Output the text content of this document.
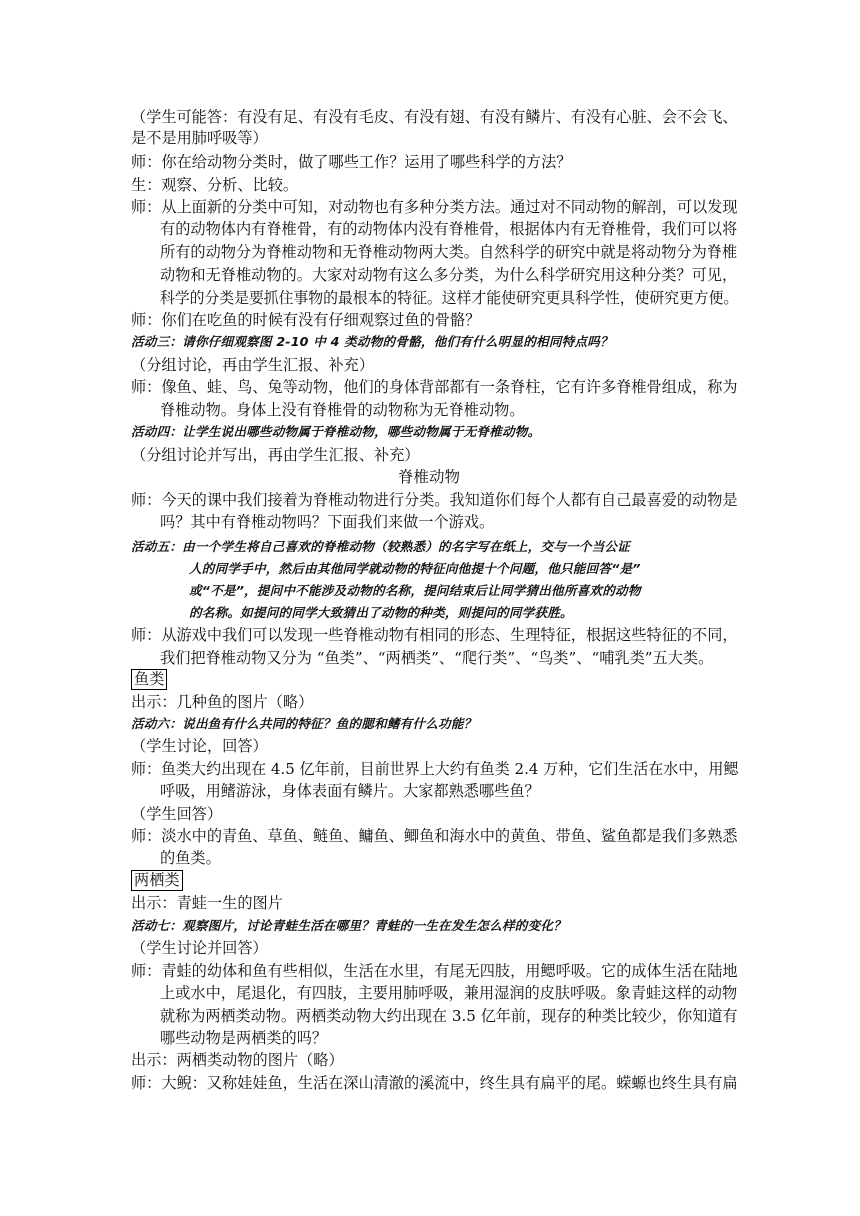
（学生可能答：有没有足、有没有毛皮、有没有翅、有没有鳞片、有没有心脏、会不会飞、
是不是用肺呼吸等）
师：你在给动物分类时，做了哪些工作？运用了哪些科学的方法？
生：观察、分析、比较。
师：从上面新的分类中可知，对动物也有多种分类方法。通过对不同动物的解剖，可以发现
有的动物体内有脊椎骨，有的动物体内没有脊椎骨，根据体内有无脊椎骨，我们可以将
所有的动物分为脊椎动物和无脊椎动物两大类。自然科学的研究中就是将动物分为脊椎
动物和无脊椎动物的。大家对动物有这么多分类，为什么科学研究用这种分类？可见，
科学的分类是要抓住事物的最根本的特征。这样才能使研究更具科学性，使研究更方便。
师：你们在吃鱼的时候有没有仔细观察过鱼的骨骼？
活动三：请你仔细观察图 2-10 中 4 类动物的骨骼，他们有什么明显的相同特点吗？
（分组讨论，再由学生汇报、补充）
师：像鱼、蛙、鸟、兔等动物，他们的身体背部都有一条脊柱，它有许多脊椎骨组成，称为
脊椎动物。身体上没有脊椎骨的动物称为无脊椎动物。
活动四：让学生说出哪些动物属于脊椎动物，哪些动物属于无脊椎动物。
（分组讨论并写出，再由学生汇报、补充）
脊椎动物
师：今天的课中我们接着为脊椎动物进行分类。我知道你们每个人都有自己最喜爱的动物是
吗？其中有脊椎动物吗？下面我们来做一个游戏。
活动五：由一个学生将自己喜欢的脊椎动物（较熟悉）的名字写在纸上，交与一个当公证
人的同学手中，然后由其他同学就动物的特征向他提十个问题，他只能回答“是”
或“不是”，提问中不能涉及动物的名称，提问结束后让同学猜出他所喜欢的动物
的名称。如提问的同学大致猜出了动物的种类，则提问的同学获胜。
师：从游戏中我们可以发现一些脊椎动物有相同的形态、生理特征，根据这些特征的不同，
我们把脊椎动物又分为 “鱼类”、“两栖类”、“爬行类”、“鸟类”、“哺乳类”五大类。
鱼类
出示：几种鱼的图片（略）
活动六：说出鱼有什么共同的特征？鱼的腮和鳍有什么功能？
（学生讨论，回答）
师：鱼类大约出现在 4.5 亿年前，目前世界上大约有鱼类 2.4 万种，它们生活在水中，用鳃
呼吸，用鳍游泳，身体表面有鳞片。大家都熟悉哪些鱼？
（学生回答）
师：淡水中的青鱼、草鱼、鲢鱼、鳙鱼、鲫鱼和海水中的黄鱼、带鱼、鲨鱼都是我们多熟悉
的鱼类。
两栖类
出示：青蛙一生的图片
活动七：观察图片，讨论青蛙生活在哪里？青蛙的一生在发生怎么样的变化？
（学生讨论并回答）
师：青蛙的幼体和鱼有些相似，生活在水里，有尾无四肢，用鳃呼吸。它的成体生活在陆地
上或水中，尾退化，有四肢，主要用肺呼吸，兼用湿润的皮肤呼吸。象青蛙这样的动物
就称为两栖类动物。两栖类动物大约出现在 3.5 亿年前，现存的种类比较少，你知道有
哪些动物是两栖类的吗？
出示：两栖类动物的图片（略）
师：大鲵：又称娃娃鱼，生活在深山清澈的溪流中，终生具有扁平的尾。蝾螈也终生具有扁
